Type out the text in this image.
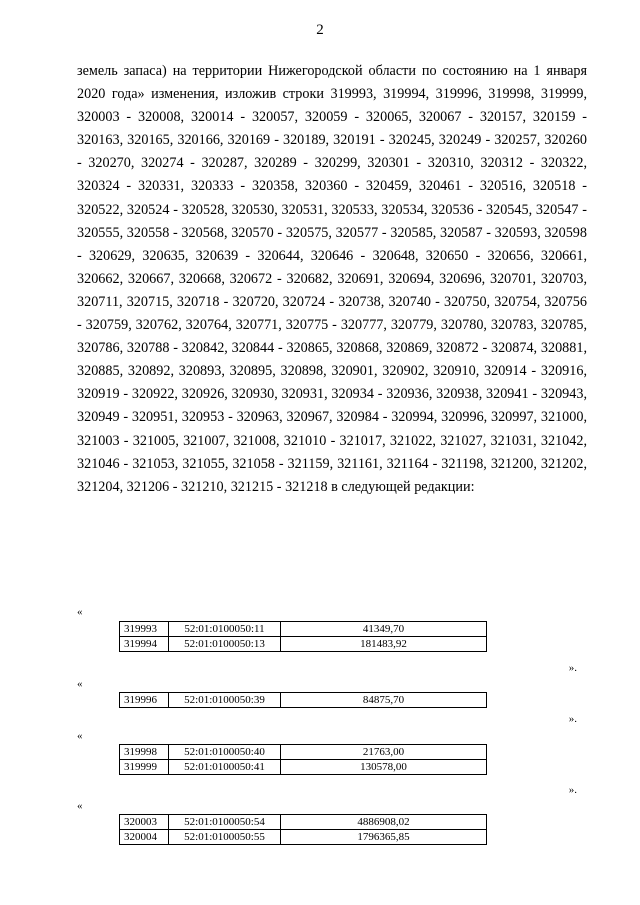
2

земель запаса) на территории Нижегородской области по состоянию на 1 января 2020 года» изменения, изложив строки 319993, 319994, 319996, 319998, 319999, 320003 - 320008, 320014 - 320057, 320059 - 320065, 320067 - 320157, 320159 - 320163, 320165, 320166, 320169 - 320189, 320191 - 320245, 320249 - 320257, 320260 - 320270, 320274 - 320287, 320289 - 320299, 320301 - 320310, 320312 - 320322, 320324 - 320331, 320333 - 320358, 320360 - 320459, 320461 - 320516, 320518 - 320522, 320524 - 320528, 320530, 320531, 320533, 320534, 320536 - 320545, 320547 - 320555, 320558 - 320568, 320570 - 320575, 320577 - 320585, 320587 - 320593, 320598 - 320629, 320635, 320639 - 320644, 320646 - 320648, 320650 - 320656, 320661, 320662, 320667, 320668, 320672 - 320682, 320691, 320694, 320696, 320701, 320703, 320711, 320715, 320718 - 320720, 320724 - 320738, 320740 - 320750, 320754, 320756 - 320759, 320762, 320764, 320771, 320775 - 320777, 320779, 320780, 320783, 320785, 320786, 320788 - 320842, 320844 - 320865, 320868, 320869, 320872 - 320874, 320881, 320885, 320892, 320893, 320895, 320898, 320901, 320902, 320910, 320914 - 320916, 320919 - 320922, 320926, 320930, 320931, 320934 - 320936, 320938, 320941 - 320943, 320949 - 320951, 320953 - 320963, 320967, 320984 - 320994, 320996, 320997, 321000, 321003 - 321005, 321007, 321008, 321010 - 321017, 321022, 321027, 321031, 321042, 321046 - 321053, 321055, 321058 - 321159, 321161, 321164 - 321198, 321200, 321202, 321204, 321206 - 321210, 321215 - 321218 в следующей редакции:

«
319993	52:01:0100050:11	41349,70
319994	52:01:0100050:13	181483,92
».
«
319996	52:01:0100050:39	84875,70
».
«
319998	52:01:0100050:40	21763,00
319999	52:01:0100050:41	130578,00
».
«
320003	52:01:0100050:54	4886908,02
320004	52:01:0100050:55	1796365,85
